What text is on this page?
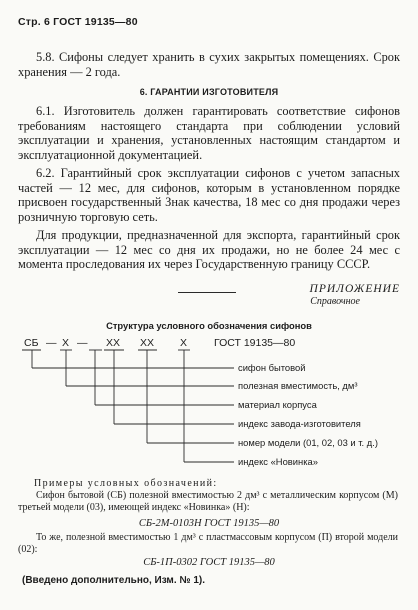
Стр. 6 ГОСТ 19135—80
5.8. Сифоны следует хранить в сухих закрытых помещениях. Срок хранения — 2 года.
6. ГАРАНТИИ ИЗГОТОВИТЕЛЯ
6.1. Изготовитель должен гарантировать соответствие сифонов требованиям настоящего стандарта при соблюдении условий эксплуатации и хранения, установленных настоящим стандартом и эксплуатационной документацией.
6.2. Гарантийный срок эксплуатации сифонов с учетом запасных частей — 12 мес, для сифонов, которым в установленном порядке присвоен государственный Знак качества, 18 мес со дня продажи через розничную торговую сеть.
Для продукции, предназначенной для экспорта, гарантийный срок эксплуатации — 12 мес со дня их продажи, но не более 24 мес с момента проследования их через Государственную границу СССР.
ПРИЛОЖЕНИЕ
Справочное
Структура условного обозначения сифонов
СБ — Х — ХХ ХХ Х	ГОСТ 19135—80
сифон бытовой
полезная вместимость, дм³
материал корпуса
индекс завода-изготовителя
номер модели (01, 02, 03 и т. д.)
индекс «Новинка»
Примеры условных обозначений:
Сифон бытовой (СБ) полезной вместимостью 2 дм³ с металлическим корпусом (М) третьей модели (03), имеющей индекс «Новинка» (Н):
СБ-2М-0103Н ГОСТ 19135—80
То же, полезной вместимостью 1 дм³ с пластмассовым корпусом (П) второй модели (02):
СБ-1П-0302 ГОСТ 19135—80
(Введено дополнительно, Изм. № 1).
